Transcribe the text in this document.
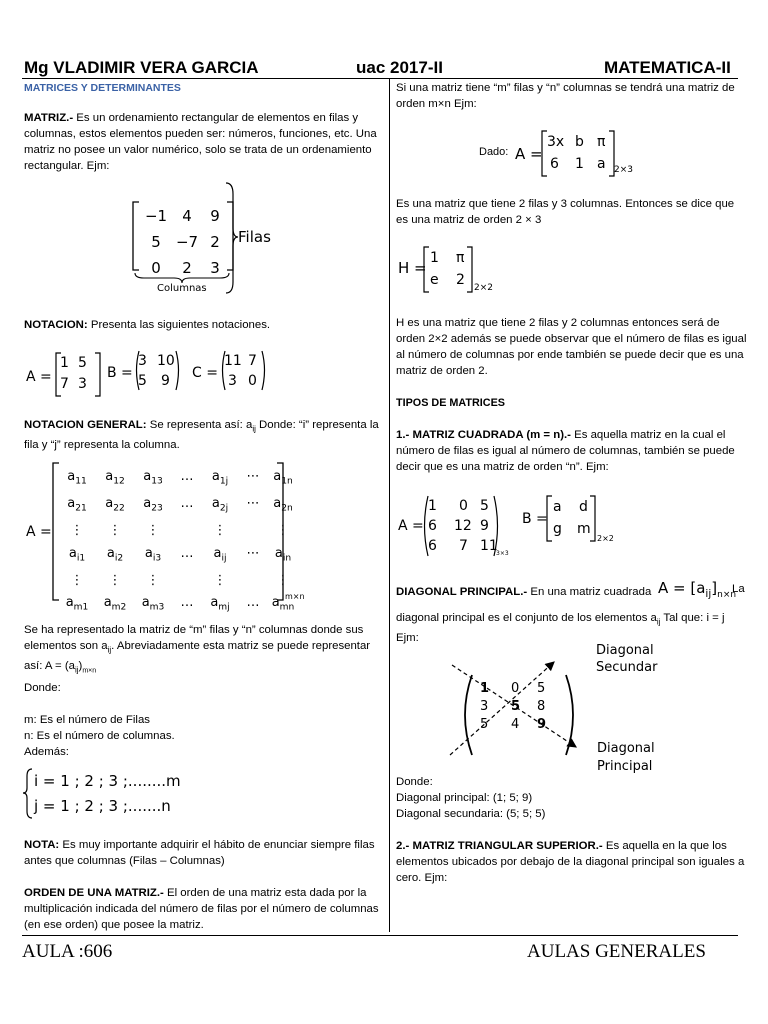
Mg VLADIMIR VERA GARCIA	uac 2017-II	MATEMATICA-II

MATRICES Y DETERMINANTES

MATRIZ.- Es un ordenamiento rectangular de elementos en filas y columnas, estos elementos pueden ser: números, funciones, etc. Una matriz no posee un valor numérico, solo se trata de un ordenamiento rectangular. Ejm:

−1	4	9
5	−7 2
0	2	3
Filas
Columnas

NOTACION: Presenta las siguientes notaciones.

A =
1 5
7 3
B =
3 10
5 9	C =
11 7
3 0

NOTACION GENERAL: Se representa así: $a_{ij}$ Donde: “i” representa la fila y “j” representa la columna.

A =
$a_{11}$	$a_{12}$	$a_{13}$	…	$a_{1j}$	⋯	$a_{1n}$
$a_{21}$	$a_{22}$	$a_{23}$	…	$a_{2j}$	⋯	$a_{2n}$
⋮	⋮	⋮	⋮	⋮
$a_{i1}$	$a_{i2}$	$a_{i3}$	…	$a_{ij}$	⋯	$a_{in}$
⋮	⋮	⋮	⋮	⋮
$a_{m1}$	$a_{m2}$	$a_{m3}$	…	$a_{mj}$	… $a_{mn}$
m×n

Se ha representado la matriz de “m” filas y “n” columnas donde sus elementos son $a_{ij}$. Abreviadamente esta matriz se puede representar así: $A = (a_{ij})_{m\times n}$

Donde:

m: Es el número de Filas

n: Es el número de columnas.

Además:

i = 1 ; 2 ; 3 ;........m
j = 1 ; 2 ; 3 ;.......n

NOTA: Es muy importante adquirir el hábito de enunciar siempre filas antes que columnas (Filas – Columnas)

ORDEN DE UNA MATRIZ.- El orden de una matriz esta dada por la multiplicación indicada del número de filas por el número de columnas (en ese orden) que posee la matriz.

Si una matriz tiene “m” filas y “n” columnas se tendrá una matriz de orden m×n Ejm:

Dado: A =
3x b π
6 1 a 2×3

Es una matriz que tiene 2 filas y 3 columnas. Entonces se dice que es una matriz de orden 2 × 3

H =
1 π
e 2 2×2

H es una matriz que tiene 2 filas y 2 columnas entonces será de orden 2×2 además se puede observar que el número de filas es igual al número de columnas por ende también se puede decir que es una matriz de orden 2.

TIPOS DE MATRICES

1.- MATRIZ CUADRADA (m = n).- Es aquella matriz en la cual el número de filas es igual al número de columnas, también se puede decir que es una matriz de orden “n”. Ejm:

A =
1 0 5
6 12 9
6 7 11
3×3
B =
a d
g m
2×2

DIAGONAL PRINCIPAL.- En una matriz cuadrada $A = [a_{ij}]_{n\times n}$
La

diagonal principal es el conjunto de los elementos $a_{ij}$ Tal que: i = j

Ejm:

1 0 5
3 5 8
5 4 9
Diagonal
Secundar
Diagonal
Principal

Donde:

Diagonal principal: (1; 5; 9)

Diagonal secundaria: (5; 5; 5)

2.- MATRIZ TRIANGULAR SUPERIOR.- Es aquella en la que los elementos ubicados por debajo de la diagonal principal son iguales a cero. Ejm:

AULA :606	AULAS GENERALES
